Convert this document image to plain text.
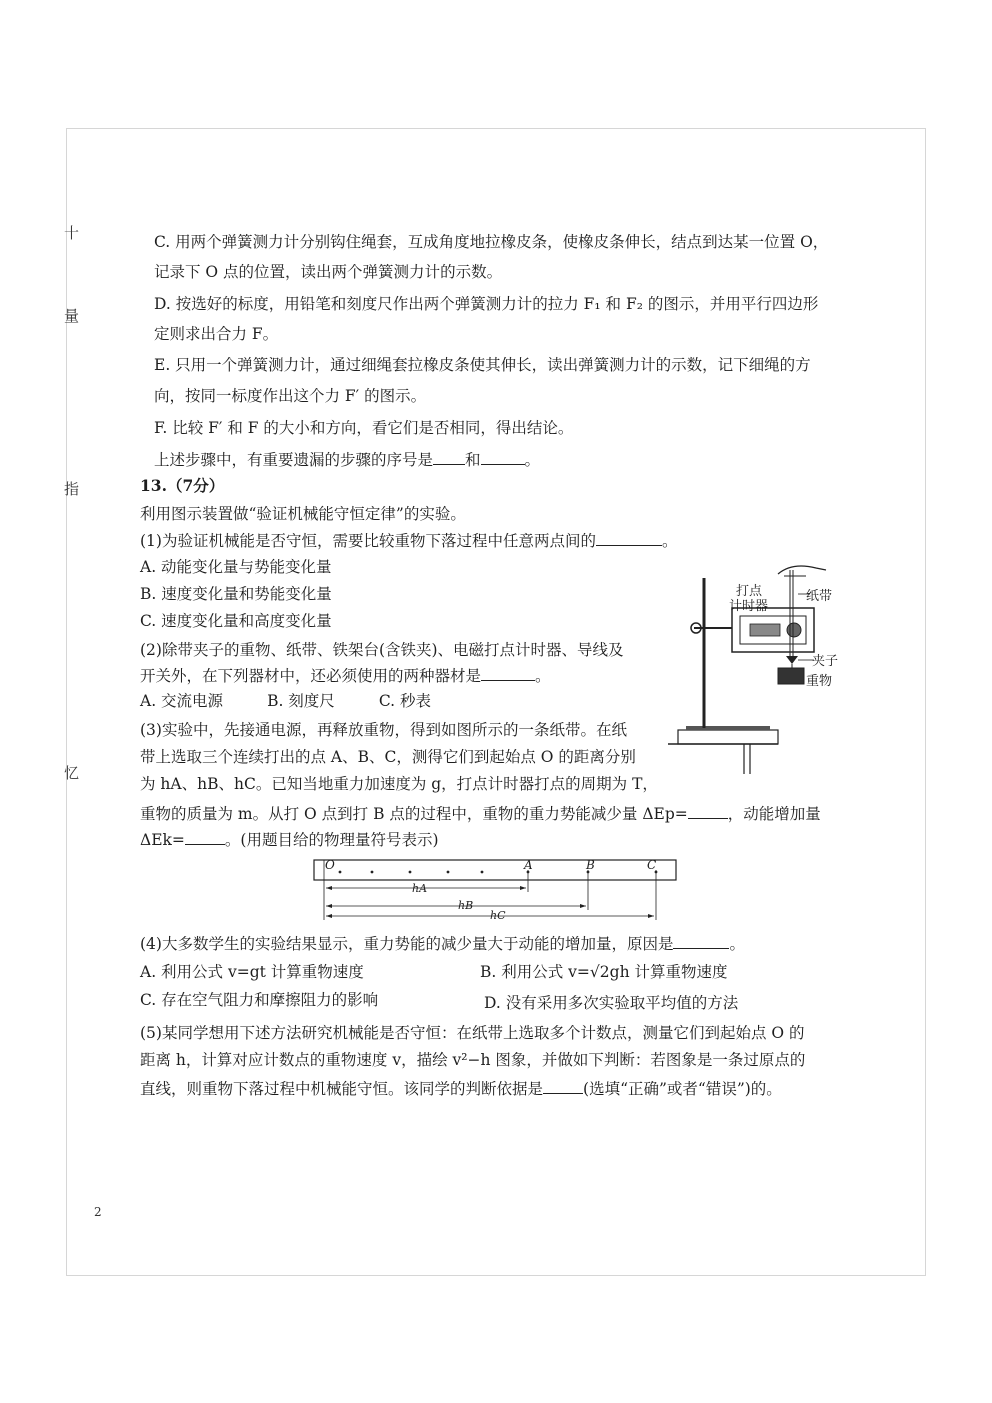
十
量
指
忆
2
C. 用两个弹簧测力计分别钩住绳套，互成角度地拉橡皮条，使橡皮条伸长，结点到达某一位置 O，
记录下 O 点的位置，读出两个弹簧测力计的示数。
D. 按选好的标度，用铅笔和刻度尺作出两个弹簧测力计的拉力 F₁ 和 F₂ 的图示，并用平行四边形
定则求出合力 F。
E. 只用一个弹簧测力计，通过细绳套拉橡皮条使其伸长，读出弹簧测力计的示数，记下细绳的方
向，按同一标度作出这个力 F′ 的图示。
F. 比较 F′ 和 F 的大小和方向，看它们是否相同，得出结论。
上述步骤中，有重要遗漏的步骤的序号是 和	。
13.（7分）
利用图示装置做“验证机械能守恒定律”的实验。
(1)为验证机械能是否守恒，需要比较重物下落过程中任意两点间的	。
A. 动能变化量与势能变化量
B. 速度变化量和势能变化量
C. 速度变化量和高度变化量
(2)除带夹子的重物、纸带、铁架台(含铁夹)、电磁打点计时器、导线及
开关外，在下列器材中，还必须使用的两种器材是	。
A. 交流电源	B. 刻度尺	C. 秒表
(3)实验中，先接通电源，再释放重物，得到如图所示的一条纸带。在纸
带上选取三个连续打出的点 A、B、C，测得它们到起始点 O 的距离分别
为 hA、hB、hC。已知当地重力加速度为 g，打点计时器打点的周期为 T，
重物的质量为 m。从打 O 点到打 B 点的过程中，重物的重力势能减少量 ΔEp=	，动能增加量
ΔEk=	。(用题目给的物理量符号表示)
O	A	B	C
hA
hB
hC
(4)大多数学生的实验结果显示，重力势能的减少量大于动能的增加量，原因是	。
A. 利用公式 v=gt 计算重物速度	B. 利用公式 v=√2gh 计算重物速度
C. 存在空气阻力和摩擦阻力的影响	D. 没有采用多次实验取平均值的方法
(5)某同学想用下述方法研究机械能是否守恒：在纸带上选取多个计数点，测量它们到起始点 O 的
距离 h，计算对应计数点的重物速度 v，描绘 v²−h 图象，并做如下判断：若图象是一条过原点的
直线，则重物下落过程中机械能守恒。该同学的判断依据是	(选填“正确”或者“错误”)的。
打点
计时器
纸带
夹子
重物
